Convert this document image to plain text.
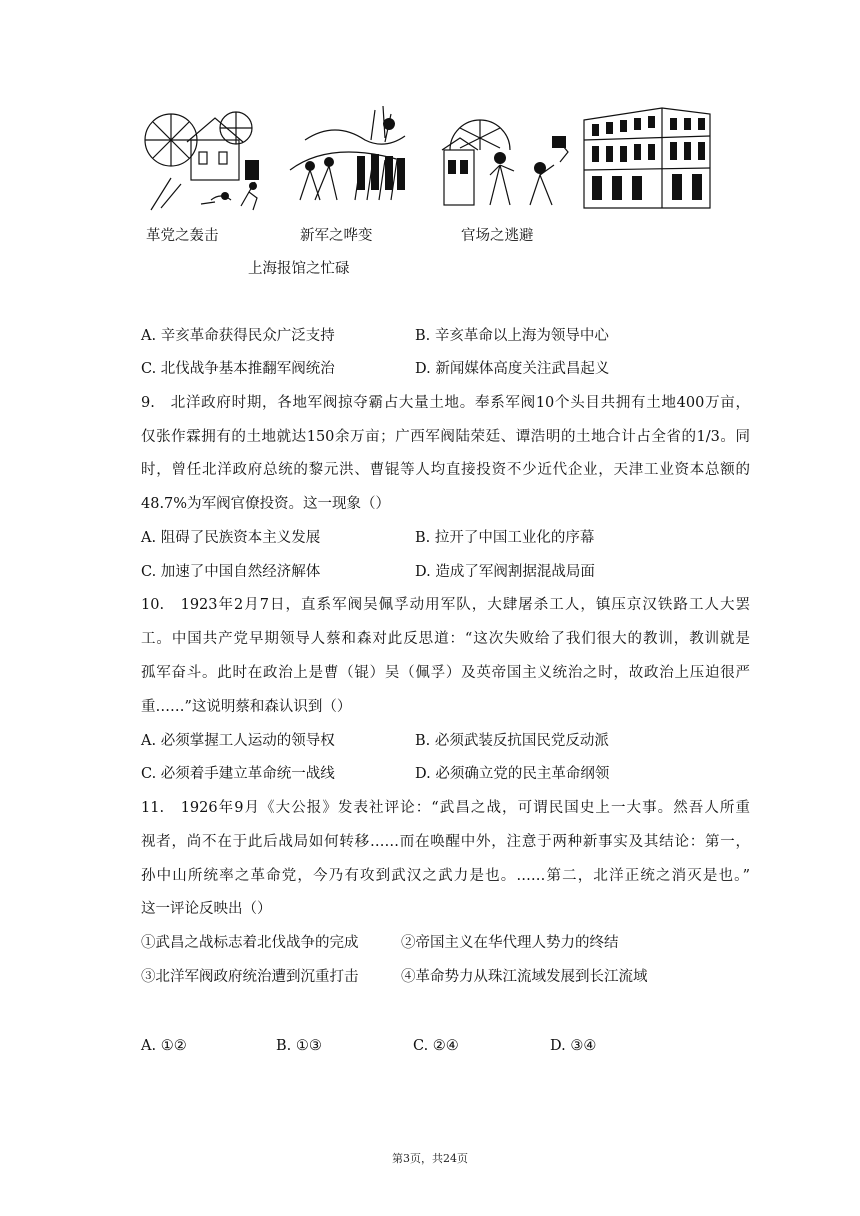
革党之轰击	新军之哗变	官场之逃避
上海报馆之忙碌
A. 辛亥革命获得民众广泛支持	B. 辛亥革命以上海为领导中心
C. 北伐战争基本推翻军阀统治	D. 新闻媒体高度关注武昌起义
9.　北洋政府时期，各地军阀掠夺霸占大量土地。奉系军阀10个头目共拥有土地400万亩，
仅张作霖拥有的土地就达150余万亩；广西军阀陆荣廷、谭浩明的土地合计占全省的1/3。同
时，曾任北洋政府总统的黎元洪、曹锟等人均直接投资不少近代企业，天津工业资本总额的
48.7%为军阀官僚投资。这一现象（）
A. 阻碍了民族资本主义发展	B. 拉开了中国工业化的序幕
C. 加速了中国自然经济解体	D. 造成了军阀割据混战局面
10.　1923年2月7日，直系军阀吴佩孚动用军队，大肆屠杀工人，镇压京汉铁路工人大罢
工。中国共产党早期领导人蔡和森对此反思道：“这次失败给了我们很大的教训，教训就是
孤军奋斗。此时在政治上是曹（锟）吴（佩孚）及英帝国主义统治之时，故政治上压迫很严
重……”这说明蔡和森认识到（）
A. 必须掌握工人运动的领导权	B. 必须武装反抗国民党反动派
C. 必须着手建立革命统一战线	D. 必须确立党的民主革命纲领
11.　1926年9月《大公报》发表社评论：“武昌之战，可谓民国史上一大事。然吾人所重
视者，尚不在于此后战局如何转移……而在唤醒中外，注意于两种新事实及其结论：第一，
孙中山所统率之革命党，今乃有攻到武汉之武力是也。……第二，北洋正统之消灭是也。”
这一评论反映出（）
①武昌之战标志着北伐战争的完成	②帝国主义在华代理人势力的终结
③北洋军阀政府统治遭到沉重打击	④革命势力从珠江流域发展到长江流域
A. ①②	B. ①③	C. ②④	D. ③④
第3页，共24页
